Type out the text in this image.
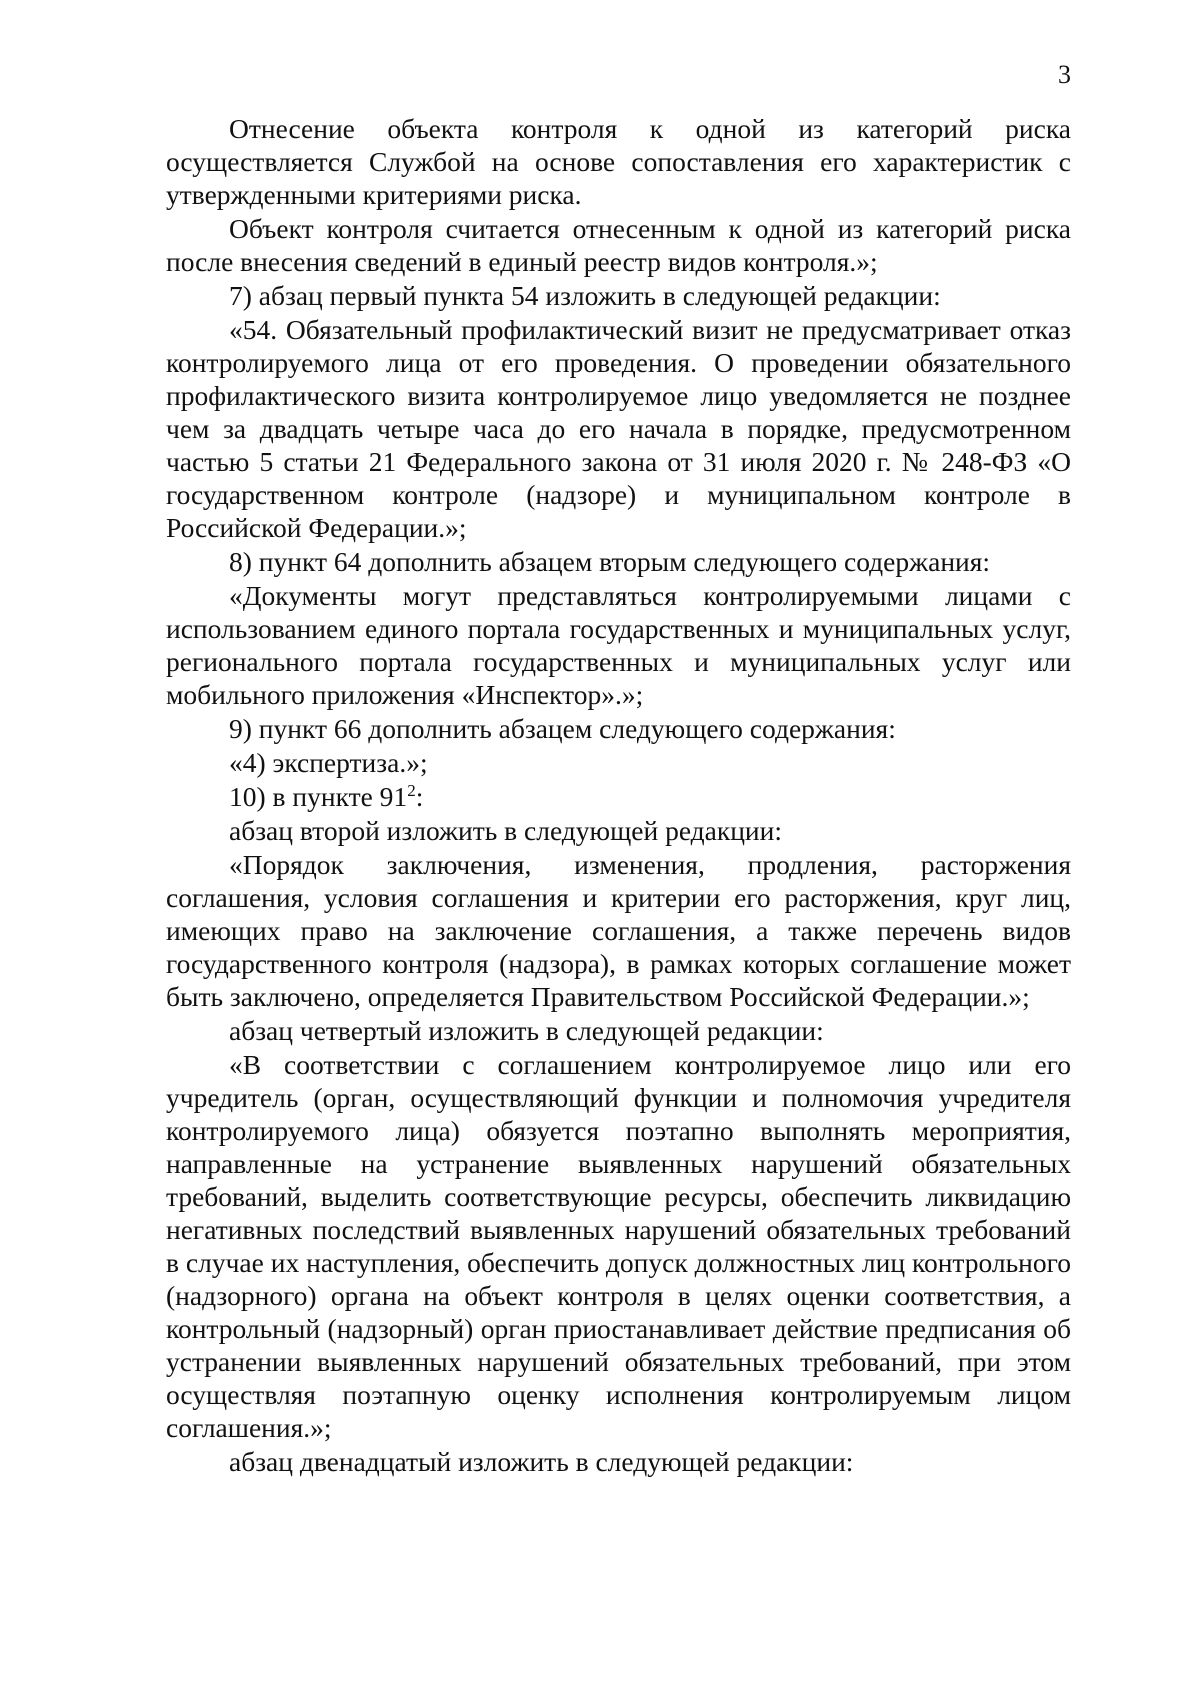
3

Отнесение объекта контроля к одной из категорий риска осуществляется Службой на основе сопоставления его характеристик с утвержденными критериями риска.

Объект контроля считается отнесенным к одной из категорий риска после внесения сведений в единый реестр видов контроля.»;

7) абзац первый пункта 54 изложить в следующей редакции:

«54. Обязательный профилактический визит не предусматривает отказ контролируемого лица от его проведения. О проведении обязательного профилактического визита контролируемое лицо уведомляется не позднее чем за двадцать четыре часа до его начала в порядке, предусмотренном частью 5 статьи 21 Федерального закона от 31 июля 2020 г. № 248-ФЗ «О государственном контроле (надзоре) и муниципальном контроле в Российской Федерации.»;

8) пункт 64 дополнить абзацем вторым следующего содержания:

«Документы могут представляться контролируемыми лицами с использованием единого портала государственных и муниципальных услуг, регионального портала государственных и муниципальных услуг или мобильного приложения «Инспектор».»;

9) пункт 66 дополнить абзацем следующего содержания:

«4) экспертиза.»;

10) в пункте $91^2$:

абзац второй изложить в следующей редакции:

«Порядок заключения, изменения, продления, расторжения соглашения, условия соглашения и критерии его расторжения, круг лиц, имеющих право на заключение соглашения, а также перечень видов государственного контроля (надзора), в рамках которых соглашение может быть заключено, определяется Правительством Российской Федерации.»;

абзац четвертый изложить в следующей редакции:

«В соответствии с соглашением контролируемое лицо или его учредитель (орган, осуществляющий функции и полномочия учредителя контролируемого лица) обязуется поэтапно выполнять мероприятия, направленные на устранение выявленных нарушений обязательных требований, выделить соответствующие ресурсы, обеспечить ликвидацию негативных последствий выявленных нарушений обязательных требований в случае их наступления, обеспечить допуск должностных лиц контрольного (надзорного) органа на объект контроля в целях оценки соответствия, а контрольный (надзорный) орган приостанавливает действие предписания об устранении выявленных нарушений обязательных требований, при этом осуществляя поэтапную оценку исполнения контролируемым лицом соглашения.»;

абзац двенадцатый изложить в следующей редакции:
